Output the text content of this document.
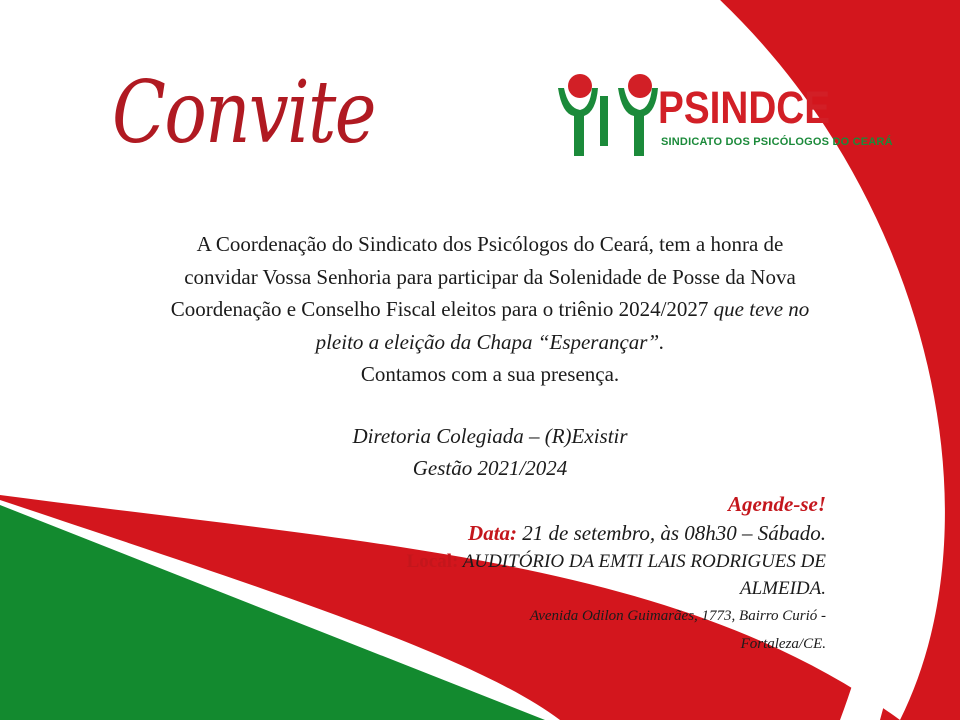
Convite	PSINDCE
SINDICATO DOS PSICÓLOGOS DO CEARÁ
A Coordenação do Sindicato dos Psicólogos do Ceará, tem a honra de
convidar Vossa Senhoria para participar da Solenidade de Posse da Nova
Coordenação e Conselho Fiscal eleitos para o triênio 2024/2027 que teve no
pleito a eleição da Chapa “Esperançar”.
Contamos com a sua presença.
Diretoria Colegiada – (R)Existir
Gestão 2021/2024
Agende-se!
Data: 21 de setembro, às 08h30 – Sábado.
Local: AUDITÓRIO DA EMTI LAIS RODRIGUES DE
ALMEIDA.
Avenida Odilon Guimarães, 1773, Bairro Curió -
Fortaleza/CE.
